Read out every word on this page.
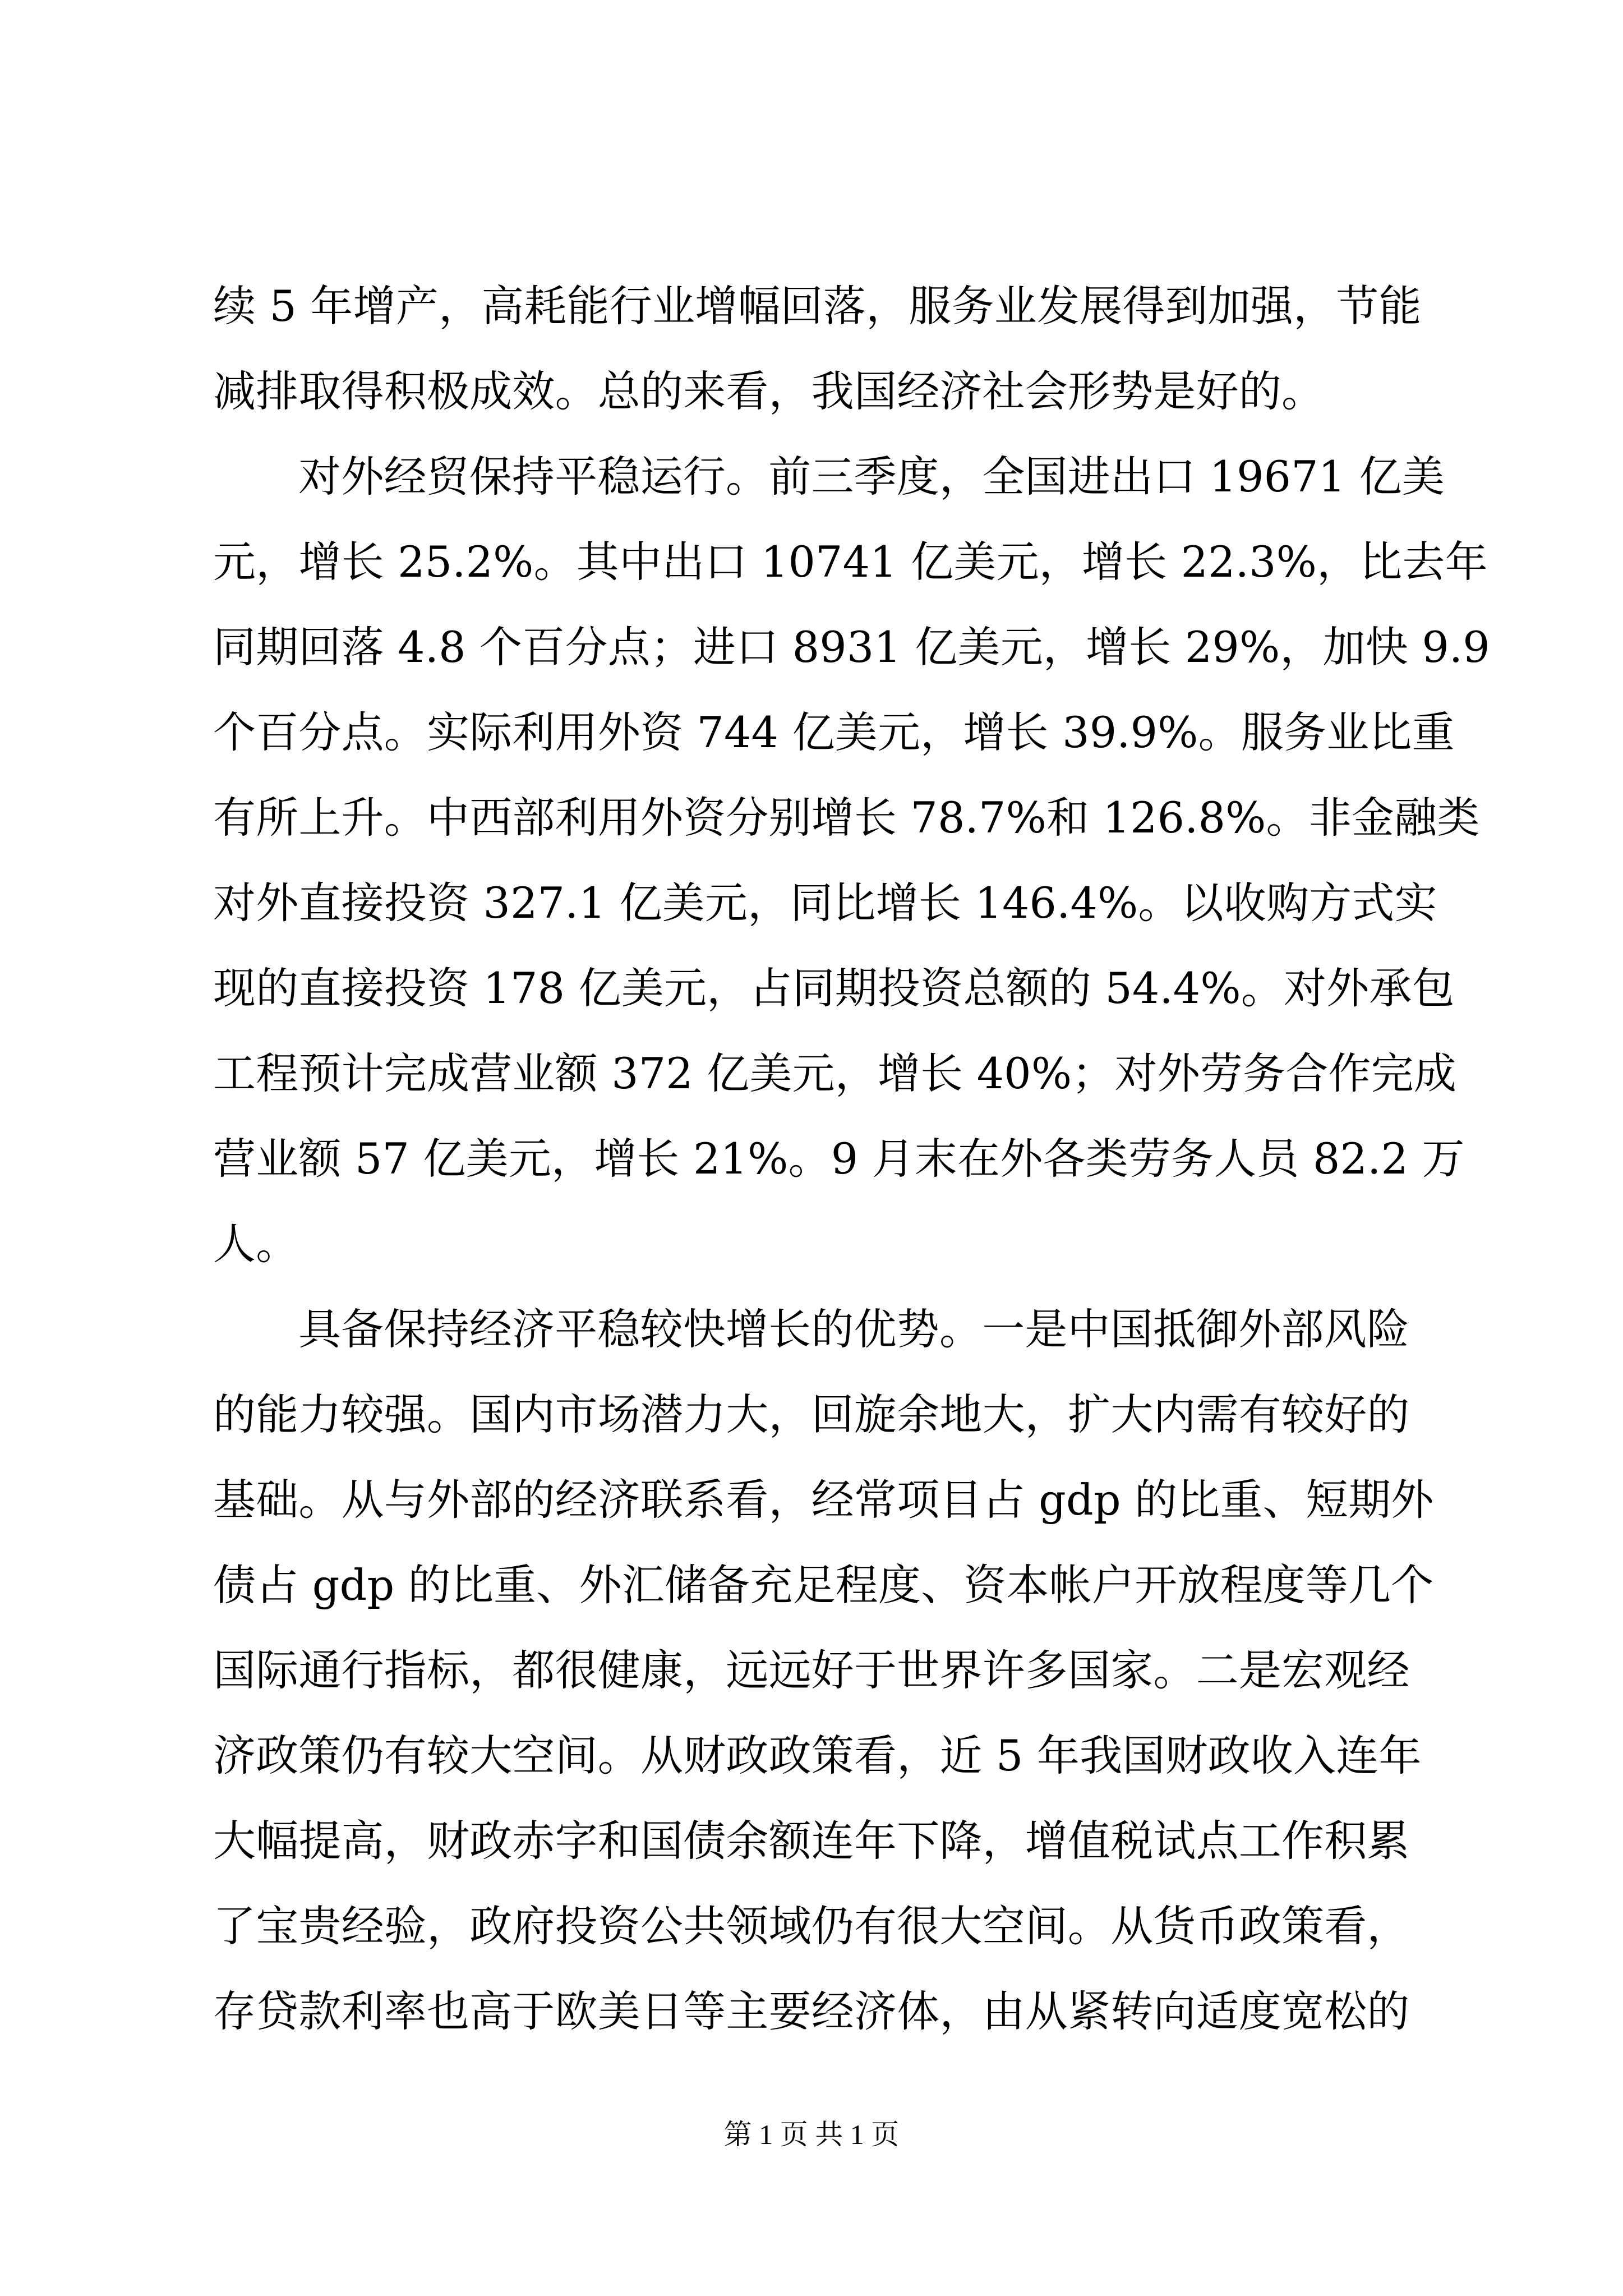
续 5 年增产，高耗能行业增幅回落，服务业发展得到加强，节能
减排取得积极成效。总的来看，我国经济社会形势是好的。
对外经贸保持平稳运行。前三季度，全国进出口 19671 亿美
元，增长 25.2%。其中出口 10741 亿美元，增长 22.3%，比去年
同期回落 4.8 个百分点；进口 8931 亿美元，增长 29%，加快 9.9
个百分点。实际利用外资 744 亿美元，增长 39.9%。服务业比重
有所上升。中西部利用外资分别增长 78.7%和 126.8%。非金融类
对外直接投资 327.1 亿美元，同比增长 146.4%。以收购方式实
现的直接投资 178 亿美元，占同期投资总额的 54.4%。对外承包
工程预计完成营业额 372 亿美元，增长 40%；对外劳务合作完成
营业额 57 亿美元，增长 21%。9 月末在外各类劳务人员 82.2 万
人。
具备保持经济平稳较快增长的优势。一是中国抵御外部风险
的能力较强。国内市场潜力大，回旋余地大，扩大内需有较好的
基础。从与外部的经济联系看，经常项目占 gdp 的比重、短期外
债占 gdp 的比重、外汇储备充足程度、资本帐户开放程度等几个
国际通行指标，都很健康，远远好于世界许多国家。二是宏观经
济政策仍有较大空间。从财政政策看，近 5 年我国财政收入连年
大幅提高，财政赤字和国债余额连年下降，增值税试点工作积累
了宝贵经验，政府投资公共领域仍有很大空间。从货币政策看，
存贷款利率也高于欧美日等主要经济体，由从紧转向适度宽松的
第 1 页 共 1 页
